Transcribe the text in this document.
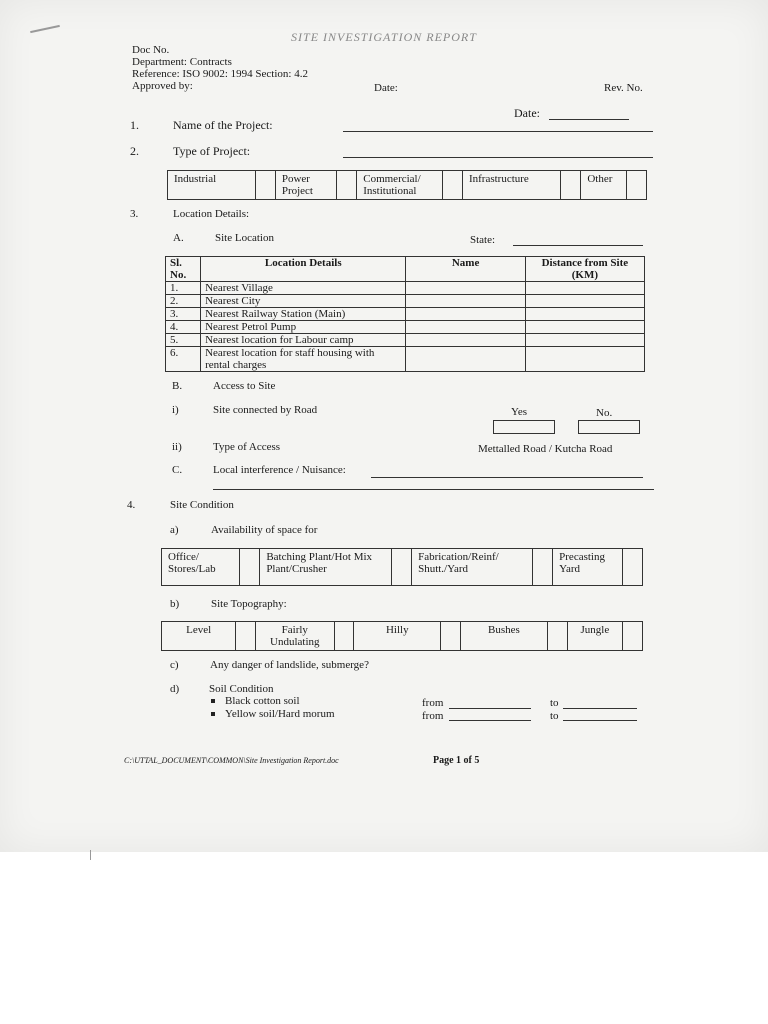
SITE INVESTIGATION REPORT
Doc No.
Department: Contracts
Reference: ISO 9002: 1994 Section: 4.2
Approved by:	Date:	Rev. No.
Date:
1.	Name of the Project:
2.	Type of Project:
Industrial		Power Project		Commercial/ Institutional		Infrastructure		Other	
3.	Location Details:
A.	Site Location	State:
Sl. No.	Location Details	Name	Distance from Site (KM)
1.	Nearest Village		
2.	Nearest City		
3.	Nearest Railway Station (Main)		
4.	Nearest Petrol Pump		
5.	Nearest location for Labour camp		
6.	Nearest location for staff housing with rental charges		
B.	Access to Site
i)	Site connected by Road	Yes	No.
ii)	Type of Access	Mettalled Road / Kutcha Road
C.	Local interference / Nuisance:
4.	Site Condition
a)	Availability of space for
Office/ Stores/Lab		Batching Plant/Hot Mix Plant/Crusher		Fabrication/Reinf/ Shutt./Yard		Precasting Yard	
b)	Site Topography:
Level		Fairly Undulating		Hilly		Bushes		Jungle	
c)	Any danger of landslide, submerge?
d)	Soil Condition
Black cotton soil	from	to
Yellow soil/Hard morum	from	to
C:\UTTAL_DOCUMENT\COMMON\Site Investigation Report.doc	Page 1 of 5
